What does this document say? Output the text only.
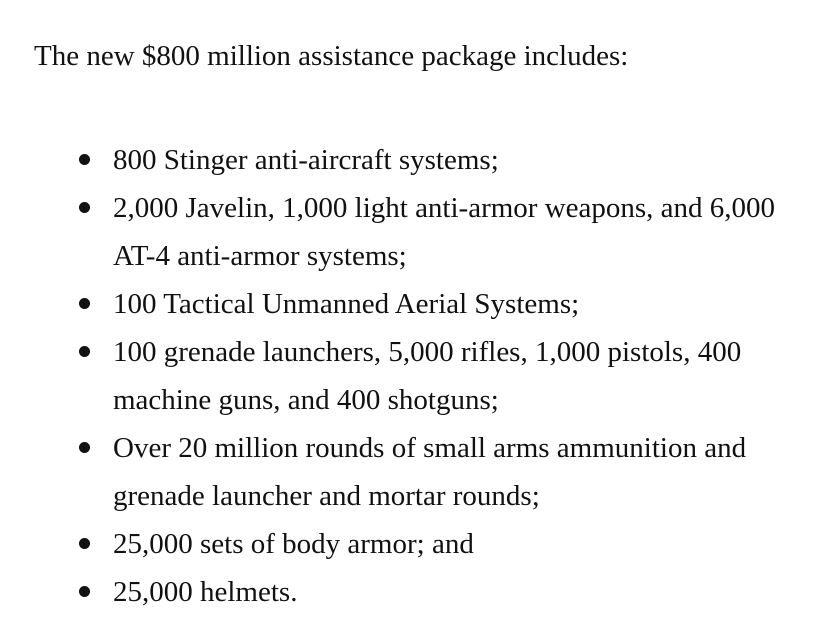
The new $800 million assistance package includes:

800 Stinger anti-aircraft systems;
2,000 Javelin, 1,000 light anti-armor weapons, and 6,000 AT-4 anti-armor systems;
100 Tactical Unmanned Aerial Systems;
100 grenade launchers, 5,000 rifles, 1,000 pistols, 400 machine guns, and 400 shotguns;
Over 20 million rounds of small arms ammunition and grenade launcher and mortar rounds;
25,000 sets of body armor; and
25,000 helmets.
